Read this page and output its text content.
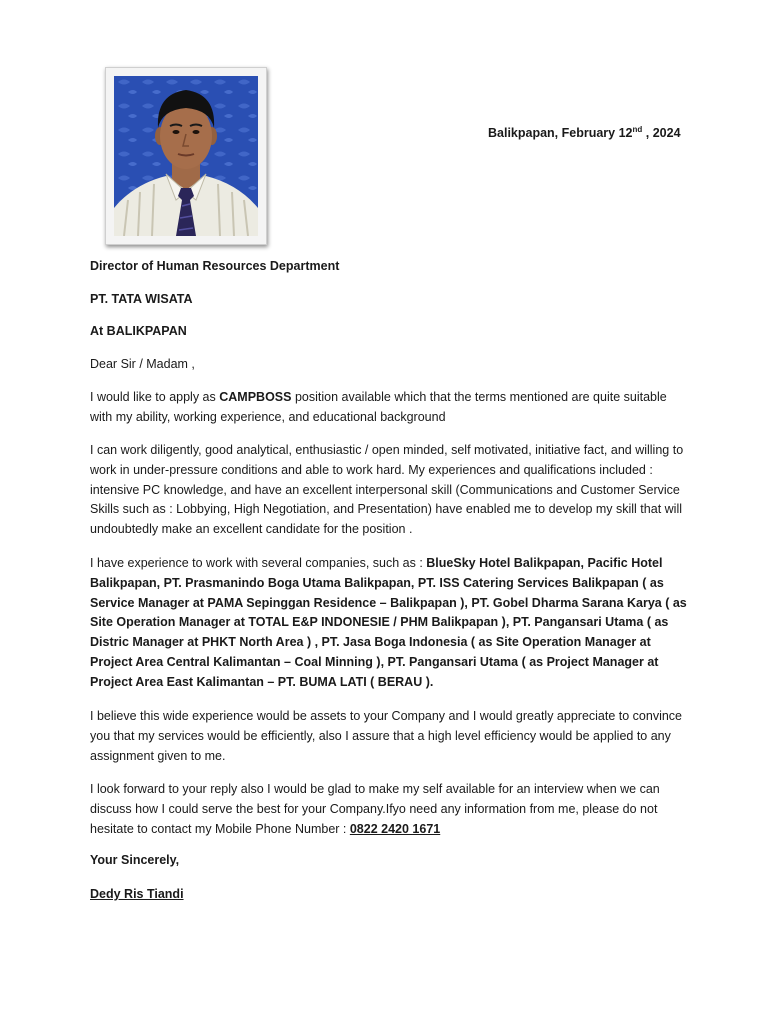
Balikpapan, February 12nd , 2024
Director of Human Resources Department
PT. TATA WISATA
At BALIKPAPAN
Dear Sir / Madam ,

I would like to apply as CAMPBOSS position available which that the terms mentioned are quite suitable with my ability, working experience, and educational background

I can work diligently, good analytical, enthusiastic / open minded, self motivated, initiative fact, and willing to work in under-pressure conditions and able to work hard. My experiences and qualifications included : intensive PC knowledge, and have an excellent interpersonal skill (Communications and Customer Service Skills such as : Lobbying, High Negotiation, and Presentation) have enabled me to develop my skill that will undoubtedly make an excellent candidate for the position .

I have experience to work with several companies, such as : BlueSky Hotel Balikpapan, Pacific Hotel Balikpapan, PT. Prasmanindo Boga Utama Balikpapan, PT. ISS Catering Services Balikpapan ( as Service Manager at PAMA Sepinggan Residence – Balikpapan ), PT. Gobel Dharma Sarana Karya ( as Site Operation Manager at TOTAL E&P INDONESIE / PHM Balikpapan ), PT. Pangansari Utama ( as Distric Manager at PHKT North Area ) , PT. Jasa Boga Indonesia ( as Site Operation Manager at Project Area Central Kalimantan – Coal Minning ), PT. Pangansari Utama ( as Project Manager at Project Area East Kalimantan – PT. BUMA LATI ( BERAU ).

I believe this wide experience would be assets to your Company and I would greatly appreciate to convince you that my services would be efficiently, also I assure that a high level efficiency would be applied to any assignment given to me.

I look forward to your reply also I would be glad to make my self available for an interview when we can discuss how I could serve the best for your Company.Ifyo need any information from me, please do not hesitate to contact my Mobile Phone Number : 0822 2420 1671

Your Sincerely,
Dedy Ris Tiandi
